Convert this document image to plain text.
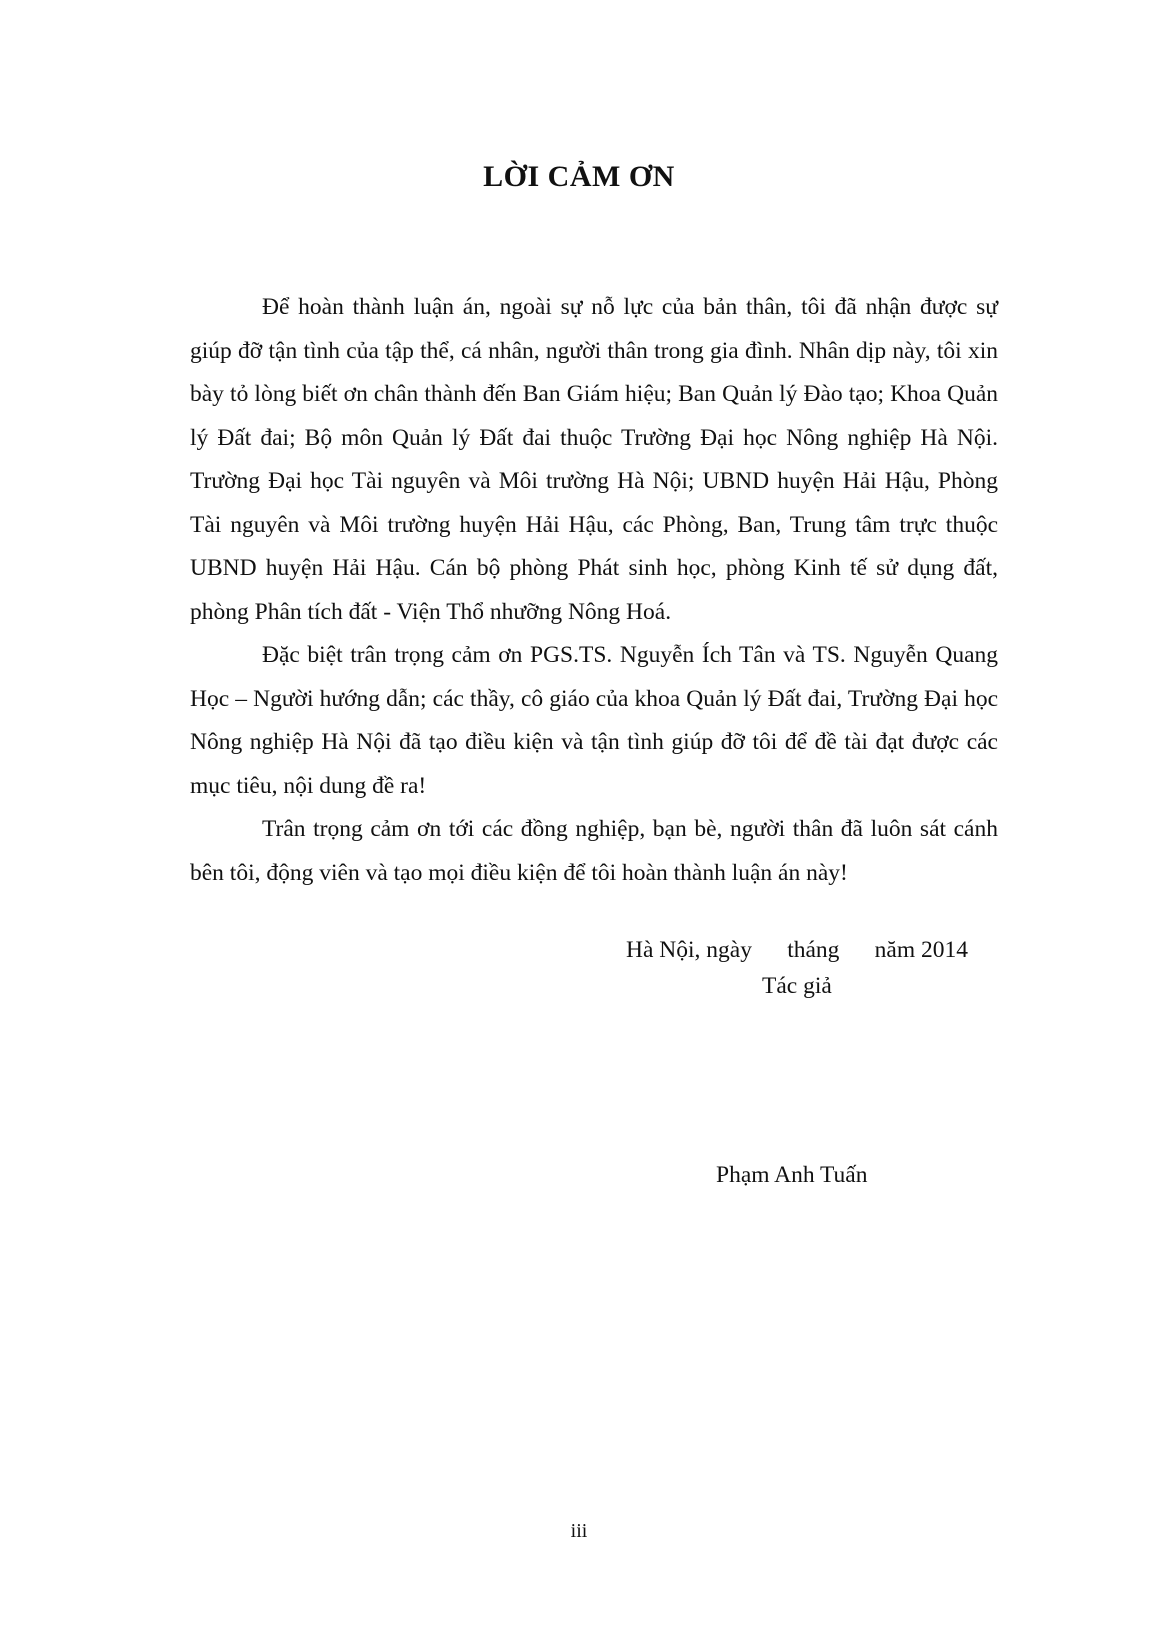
LỜI CẢM ƠN

Để hoàn thành luận án, ngoài sự nỗ lực của bản thân, tôi đã nhận được sự giúp đỡ tận tình của tập thể, cá nhân, người thân trong gia đình. Nhân dịp này, tôi xin bày tỏ lòng biết ơn chân thành đến Ban Giám hiệu; Ban Quản lý Đào tạo; Khoa Quản lý Đất đai; Bộ môn Quản lý Đất đai thuộc Trường Đại học Nông nghiệp Hà Nội. Trường Đại học Tài nguyên và Môi trường Hà Nội; UBND huyện Hải Hậu, Phòng Tài nguyên và Môi trường huyện Hải Hậu, các Phòng, Ban, Trung tâm trực thuộc UBND huyện Hải Hậu. Cán bộ phòng Phát sinh học, phòng Kinh tế sử dụng đất, phòng Phân tích đất - Viện Thổ nhưỡng Nông Hoá.

Đặc biệt trân trọng cảm ơn PGS.TS. Nguyễn Ích Tân và TS. Nguyễn Quang Học – Người hướng dẫn; các thầy, cô giáo của khoa Quản lý Đất đai, Trường Đại học Nông nghiệp Hà Nội đã tạo điều kiện và tận tình giúp đỡ tôi để đề tài đạt được các mục tiêu, nội dung đề ra!

Trân trọng cảm ơn tới các đồng nghiệp, bạn bè, người thân đã luôn sát cánh bên tôi, động viên và tạo mọi điều kiện để tôi hoàn thành luận án này!

Hà Nội, ngày      tháng      năm 2014
Tác giả
Phạm Anh Tuấn
iii
